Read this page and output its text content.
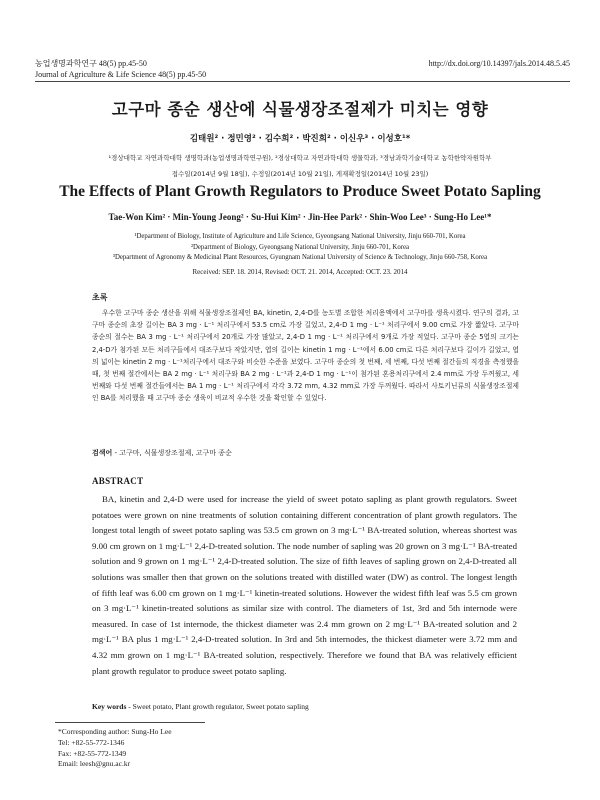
농업생명과학연구 48(5) pp.45-50
Journal of Agriculture & Life Science 48(5) pp.45-50
http://dx.doi.org/10.14397/jals.2014.48.5.45
고구마 종순 생산에 식물생장조절제가 미치는 영향
김태원² · 정민영² · 김수희² · 박진희² · 이신우³ · 이성호¹*
¹경상대학교 자연과학대학 생명학과(농업생명과학연구원), ²경상대학교 자연과학대학 생물학과, ³경남과학기술대학교 농학한약자원학부
접수일(2014년 9월 18일), 수정일(2014년 10월 21일), 게재확정일(2014년 10월 23일)
The Effects of Plant Growth Regulators to Produce Sweet Potato Sapling
Tae-Won Kim² · Min-Young Jeong² · Su-Hui Kim² · Jin-Hee Park² · Shin-Woo Lee³ · Sung-Ho Lee¹*
¹Department of Biology, Institute of Agriculture and Life Science, Gyeongsang National University, Jinju 660-701, Korea
²Department of Biology, Gyeongsang National University, Jinju 660-701, Korea
³Department of Agronomy & Medicinal Plant Resources, Gyungnam National University of Science & Technology, Jinju 660-758, Korea
Received: SEP. 18. 2014, Revised: OCT. 21. 2014, Accepted: OCT. 23. 2014
초록

우수한 고구마 종순 생산을 위해 식물생장조절제인 BA, kinetin, 2,4-D를 농도별 조합한 처리용액에서 고구마를 생육시켰다. 연구의 결과, 고구마 종순의 초장 길이는 BA 3 mg · L⁻¹ 처리구에서 53.5 cm로 가장 길었고, 2,4-D 1 mg · L⁻¹ 처리구에서 9.00 cm로 가장 짧았다. 고구마 종순의 절수는 BA 3 mg · L⁻¹ 처리구에서 20개로 가장 많았고, 2,4-D 1 mg · L⁻¹ 처리구에서 9개로 가장 적었다. 고구마 종순 5엽의 크기는 2,4-D가 첨가된 모든 처리구들에서 대조구보다 작았지만, 엽의 길이는 kinetin 1 mg · L⁻¹에서 6.00 cm로 다른 처리구보다 길이가 길었고, 엽의 넓이는 kinetin 2 mg · L⁻¹처리구에서 대조구와 비슷한 수준을 보였다. 고구마 종순의 첫 번째, 세 번째, 다섯 번째 절간들의 직경을 측정했을 때, 첫 번째 절간에서는 BA 2 mg · L⁻¹ 처리구와 BA 2 mg · L⁻¹과 2,4-D 1 mg · L⁻¹이 첨가된 혼용처리구에서 2.4 mm로 가장 두꺼웠고, 세 번째와 다섯 번째 절간들에서는 BA 1 mg · L⁻¹ 처리구에서 각각 3.72 mm, 4.32 mm로 가장 두꺼웠다. 따라서 사토키닌류의 식물생장조절제인 BA를 처리했을 때 고구마 종순 생육이 비교적 우수한 것을 확인할 수 있었다.

검색어 - 고구마, 식물생장조절제, 고구마 종순
ABSTRACT

BA, kinetin and 2,4-D were used for increase the yield of sweet potato sapling as plant growth regulators. Sweet potatoes were grown on nine treatments of solution containing different concentration of plant growth regulators. The longest total length of sweet potato sapling was 53.5 cm grown on 3 mg·L⁻¹ BA-treated solution, whereas shortest was 9.00 cm grown on 1 mg·L⁻¹ 2,4-D-treated solution. The node number of sapling was 20 grown on 3 mg·L⁻¹ BA-treated solution and 9 grown on 1 mg·L⁻¹ 2,4-D-treated solution. The size of fifth leaves of sapling grown on 2,4-D-treated all solutions was smaller then that grown on the solutions treated with distilled water (DW) as control. The longest length of fifth leaf was 6.00 cm grown on 1 mg·L⁻¹ kinetin-treated solutions. However the widest fifth leaf was 5.5 cm grown on 3 mg·L⁻¹ kinetin-treated solutions as similar size with control. The diameters of 1st, 3rd and 5th internode were measured. In case of 1st internode, the thickest diameter was 2.4 mm grown on 2 mg·L⁻¹ BA-treated solution and 2 mg·L⁻¹ BA plus 1 mg·L⁻¹ 2,4-D-treated solution. In 3rd and 5th internodes, the thickest diameter were 3.72 mm and 4.32 mm grown on 1 mg·L⁻¹ BA-treated solution, respectively. Therefore we found that BA was relatively efficient plant growth regulator to produce sweet potato sapling.

Key words - Sweet potato, Plant growth regulator, Sweet potato sapling
*Corresponding author: Sung-Ho Lee
Tel: +82-55-772-1346
Fax: +82-55-772-1349
Email: leesh@gnu.ac.kr
